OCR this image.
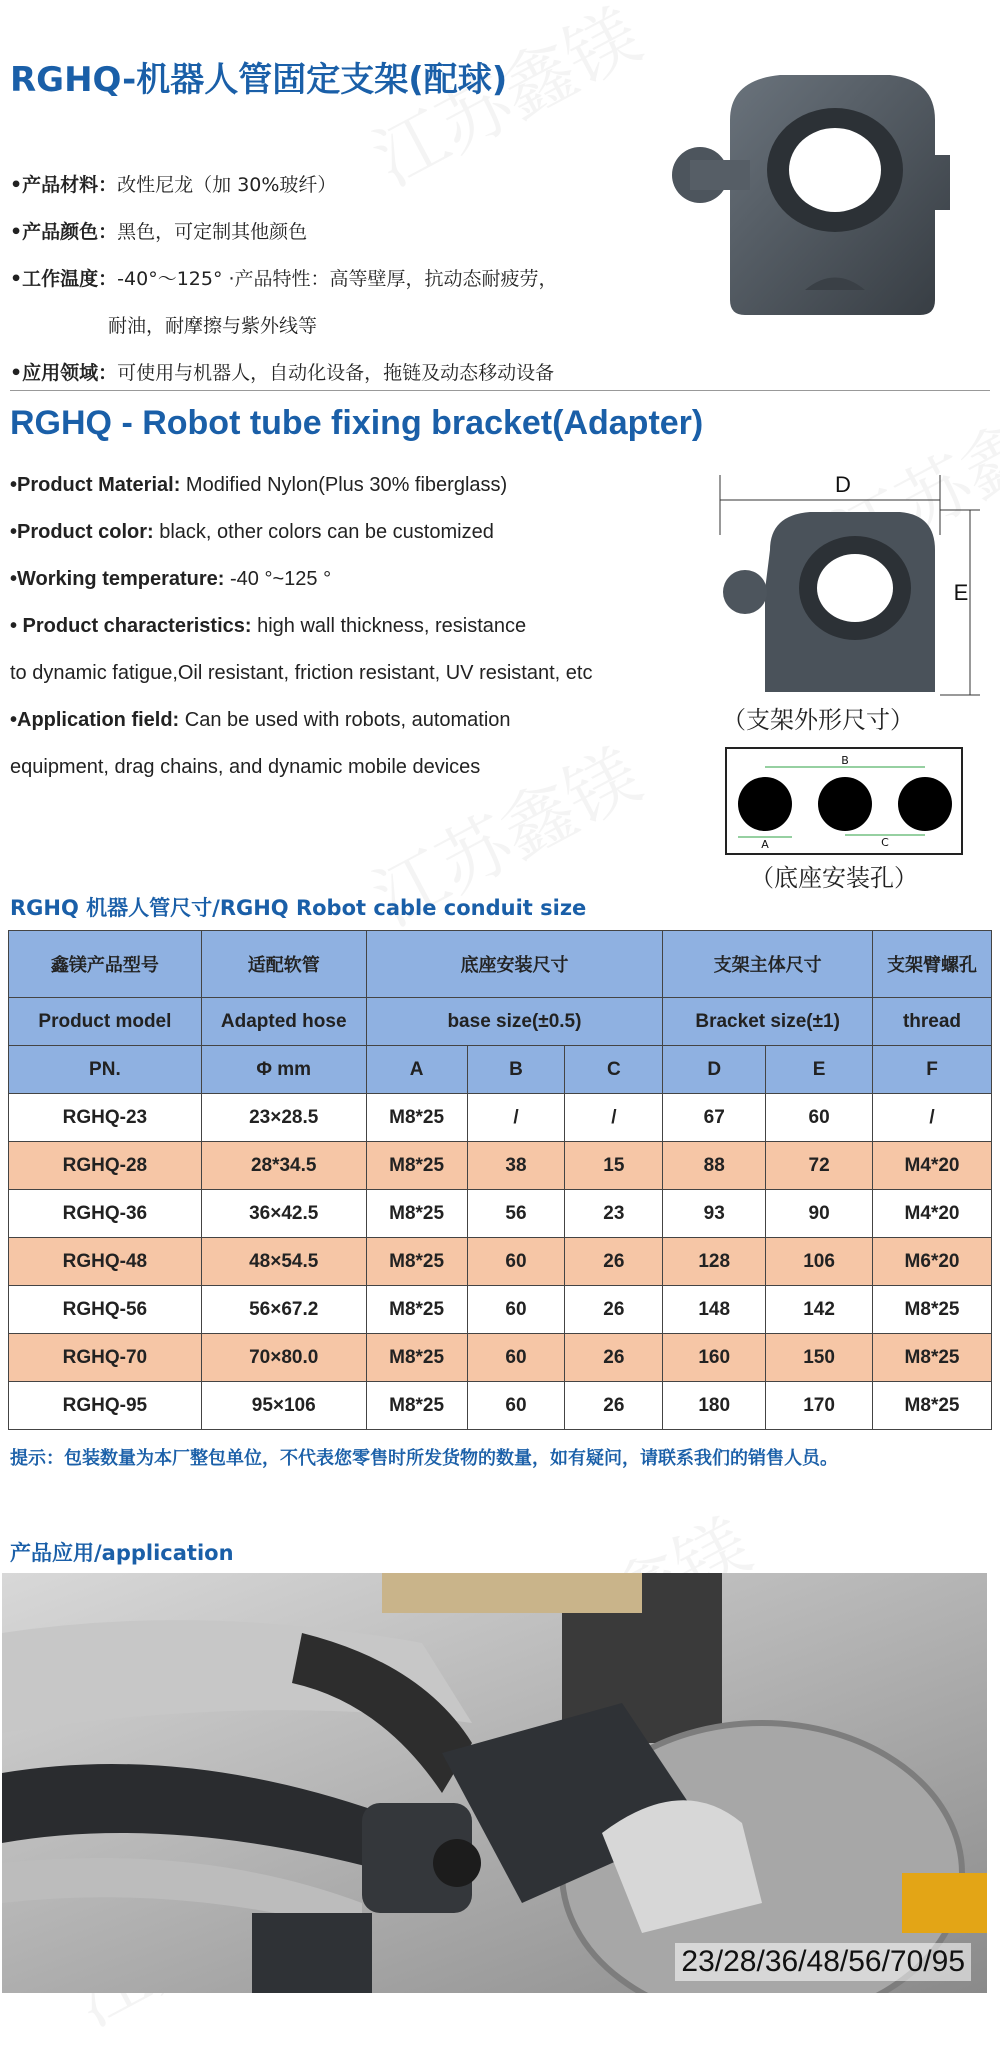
RGHQ-机器人管固定支架(配球)
•产品材料：改性尼龙（加 30%玻纤）
•产品颜色：黑色，可定制其他颜色
•工作温度：-40°～125° ·产品特性：高等壁厚，抗动态耐疲劳，
耐油，耐摩擦与紫外线等
•应用领域：可使用与机器人，自动化设备，拖链及动态移动设备
RGHQ - Robot tube fixing bracket(Adapter)
•Product Material: Modified Nylon(Plus 30% fiberglass)
•Product color: black, other colors can be customized
•Working temperature: -40 °~125 °
• Product characteristics: high wall thickness, resistance
to dynamic fatigue,Oil resistant, friction resistant, UV resistant, etc
•Application field: Can be used with robots, automation
equipment, drag chains, and dynamic mobile devices
D
E
（支架外形尺寸）
B
A	C
（底座安装孔）
RGHQ 机器人管尺寸/RGHQ Robot cable conduit size
鑫镁产品型号	适配软管	底座安装尺寸			支架主体尺寸		支架臂螺孔
Product model	Adapted hose	base size(±0.5)			Bracket size(±1)		thread
PN.	Φ mm	A	B	C	D	E	F
RGHQ-23	23×28.5	M8*25	/	/	67	60	/
RGHQ-28	28*34.5	M8*25	38	15	88	72	M4*20
RGHQ-36	36×42.5	M8*25	56	23	93	90	M4*20
RGHQ-48	48×54.5	M8*25	60	26	128	106	M6*20
RGHQ-56	56×67.2	M8*25	60	26	148	142	M8*25
RGHQ-70	70×80.0	M8*25	60	26	160	150	M8*25
RGHQ-95	95×106	M8*25	60	26	180	170	M8*25
提示：包装数量为本厂整包单位，不代表您零售时所发货物的数量，如有疑问，请联系我们的销售人员。
产品应用/application
23/28/36/48/56/70/95
